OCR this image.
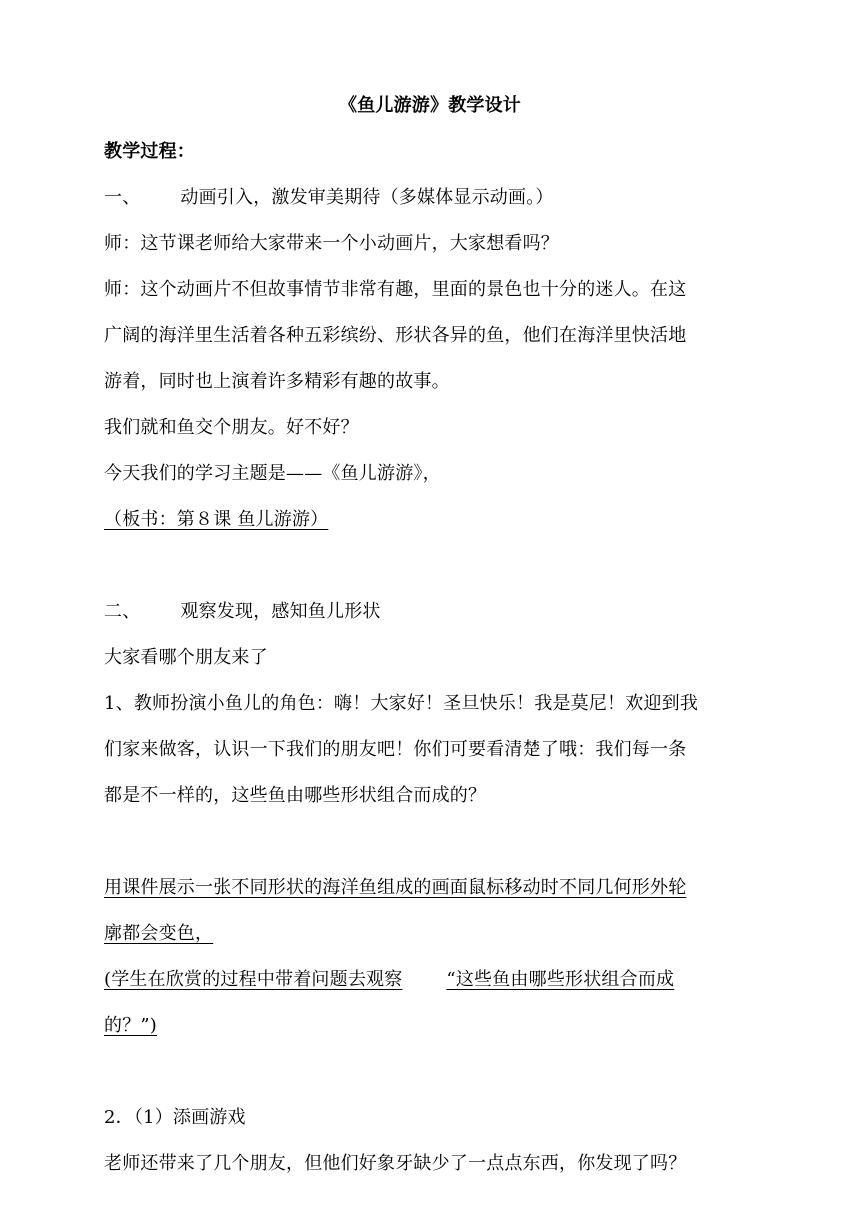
《鱼儿游游》教学设计
教学过程：
一、 动画引入，激发审美期待（多媒体显示动画。）
师：这节课老师给大家带来一个小动画片，大家想看吗？
师：这个动画片不但故事情节非常有趣，里面的景色也十分的迷人。在这
广阔的海洋里生活着各种五彩缤纷、形状各异的鱼，他们在海洋里快活地
游着，同时也上演着许多精彩有趣的故事。
我们就和鱼交个朋友。好不好？
今天我们的学习主题是——《鱼儿游游》，
（板书：第８课 鱼儿游游）
二、 观察发现，感知鱼儿形状
大家看哪个朋友来了
1、教师扮演小鱼儿的角色：嗨！大家好！圣旦快乐！我是莫尼！欢迎到我
们家来做客，认识一下我们的朋友吧！你们可要看清楚了哦：我们每一条
都是不一样的，这些鱼由哪些形状组合而成的？
用课件展示一张不同形状的海洋鱼组成的画面鼠标移动时不同几何形外轮
廓都会变色，
(学生在欣赏的过程中带着问题去观察 “这些鱼由哪些形状组合而成
的？”)
2．（1）添画游戏
老师还带来了几个朋友，但他们好象牙缺少了一点点东西，你发现了吗？
